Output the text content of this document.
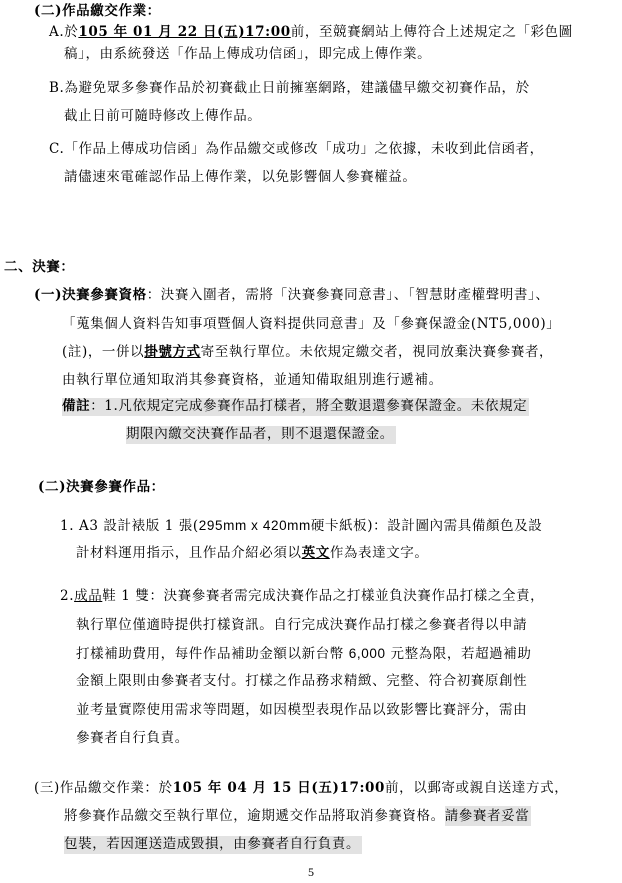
(二)作品繳交作業：
A.於105 年 01 月 22 日(五)17:00前，至競賽網站上傳符合上述規定之「彩色圖
稿」，由系統發送「作品上傳成功信函」，即完成上傳作業。
B.為避免眾多參賽作品於初賽截止日前擁塞網路，建議儘早繳交初賽作品，於
截止日前可隨時修改上傳作品。
C.「作品上傳成功信函」為作品繳交或修改「成功」之依據，未收到此信函者，
請儘速來電確認作品上傳作業，以免影響個人參賽權益。
二、決賽：
(一)決賽參賽資格：決賽入圍者，需將「決賽參賽同意書」、「智慧財產權聲明書」、
「蒐集個人資料告知事項暨個人資料提供同意書」及「參賽保證金(NT5,000)」
(註)，一併以掛號方式寄至執行單位。未依規定繳交者，視同放棄決賽參賽者，
由執行單位通知取消其參賽資格，並通知備取組別進行遞補。
備註：1.凡依規定完成參賽作品打樣者，將全數退還參賽保證金。未依規定
期限內繳交決賽作品者，則不退還保證金。
(二)決賽參賽作品：
1. A3 設計裱版 1 張(295mm x 420mm硬卡紙板)：設計圖內需具備顏色及設
計材料運用指示，且作品介紹必須以英文作為表達文字。
2.成品鞋 1 雙：決賽參賽者需完成決賽作品之打樣並負決賽作品打樣之全責，
執行單位僅適時提供打樣資訊。自行完成決賽作品打樣之參賽者得以申請
打樣補助費用，每件作品補助金額以新台幣 6,000 元整為限，若超過補助
金額上限則由參賽者支付。打樣之作品務求精緻、完整、符合初賽原創性
並考量實際使用需求等問題，如因模型表現作品以致影響比賽評分，需由
參賽者自行負責。
(三)作品繳交作業：於105 年 04 月 15 日(五)17:00前，以郵寄或親自送達方式，
將參賽作品繳交至執行單位，逾期遞交作品將取消參賽資格。請參賽者妥當
包裝，若因運送造成毀損，由參賽者自行負責。
5
